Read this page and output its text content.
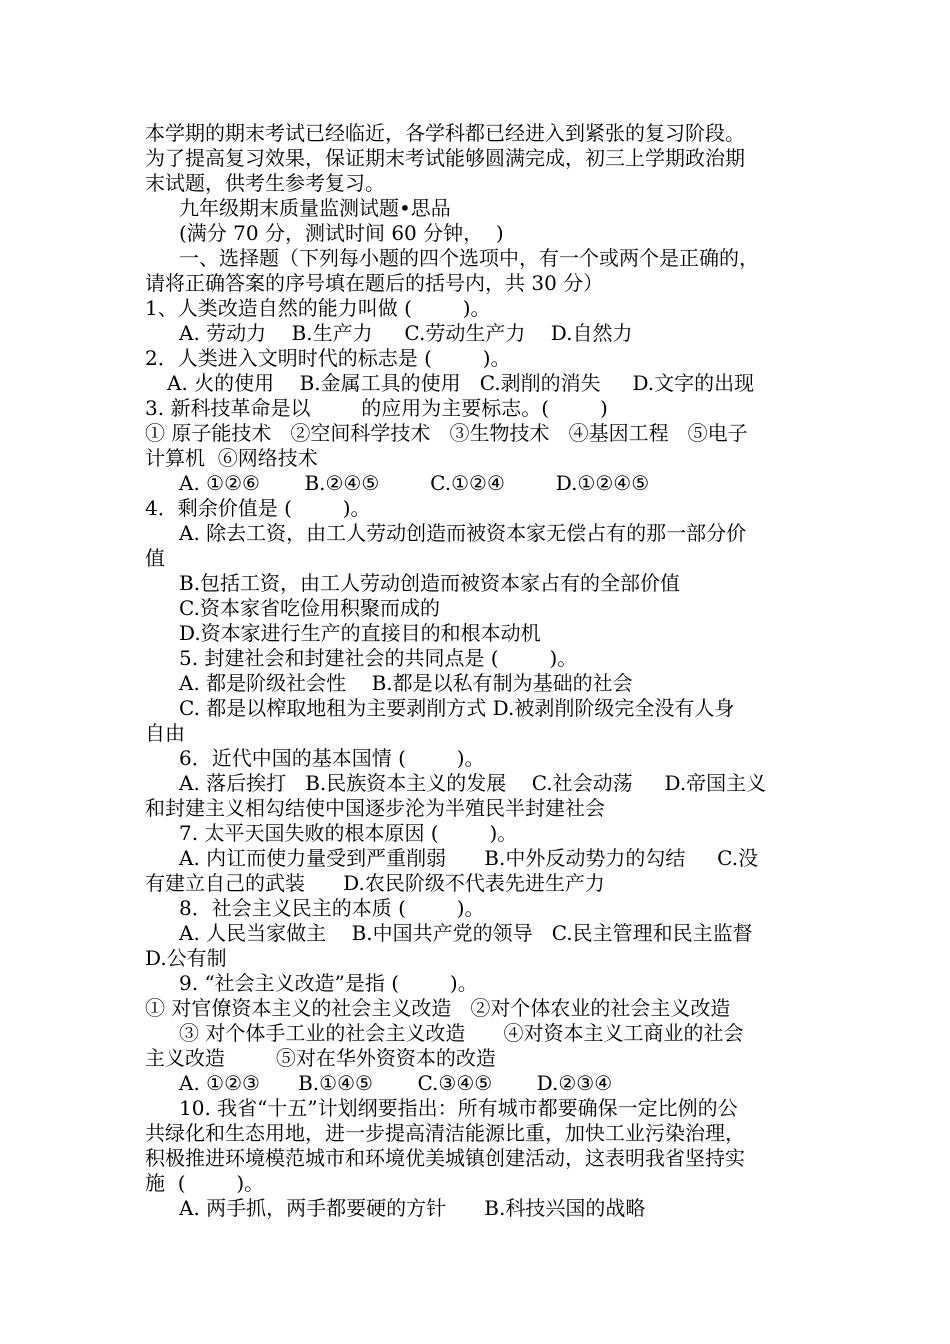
本学期的期末考试已经临近，各学科都已经进入到紧张的复习阶段。
为了提高复习效果，保证期末考试能够圆满完成，初三上学期政治期
末试题，供考生参考复习。
九年级期末质量监测试题•思品
(满分 70 分，测试时间 60 分钟，  )
一、选择题（下列每小题的四个选项中，有一个或两个是正确的，
请将正确答案的序号填在题后的括号内，共 30 分）
1、人类改造自然的能力叫做 (        )。
A. 劳动力    B.生产力     C.劳动生产力    D.自然力
2．人类进入文明时代的标志是 (        )。
A. 火的使用    B.金属工具的使用   C.剥削的消失     D.文字的出现
3. 新科技革命是以        的应用为主要标志。(        )
① 原子能技术   ②空间科学技术   ③生物技术   ④基因工程   ⑤电子
计算机  ⑥网络技术
A. ①②⑥       B.②④⑤        C.①②④        D.①②④⑤
4．剩余价值是 (        )。
A. 除去工资，由工人劳动创造而被资本家无偿占有的那一部分价
值
B.包括工资，由工人劳动创造而被资本家占有的全部价值
C.资本家省吃俭用积聚而成的
D.资本家进行生产的直接目的和根本动机
5. 封建社会和封建社会的共同点是 (        )。
A. 都是阶级社会性    B.都是以私有制为基础的社会
C. 都是以榨取地租为主要剥削方式 D.被剥削阶级完全没有人身
自由
6．近代中国的基本国情 (        )。
A. 落后挨打   B.民族资本主义的发展    C.社会动荡     D.帝国主义
和封建主义相勾结使中国逐步沦为半殖民半封建社会
7. 太平天国失败的根本原因 (        )。
A. 内讧而使力量受到严重削弱      B.中外反动势力的勾结     C.没
有建立自己的武装      D.农民阶级不代表先进生产力
8．社会主义民主的本质 (        )。
A. 人民当家做主    B.中国共产党的领导   C.民主管理和民主监督
D.公有制
9. “社会主义改造”是指 (        )。
① 对官僚资本主义的社会主义改造   ②对个体农业的社会主义改造
③ 对个体手工业的社会主义改造      ④对资本主义工商业的社会
主义改造        ⑤对在华外资资本的改造
A. ①②③      B.①④⑤       C.③④⑤       D.②③④
10. 我省“十五”计划纲要指出：所有城市都要确保一定比例的公
共绿化和生态用地，进一步提高清洁能源比重，加快工业污染治理，
积极推进环境模范城市和环境优美城镇创建活动，这表明我省坚持实
施  (        )。
A. 两手抓，两手都要硬的方针      B.科技兴国的战略
